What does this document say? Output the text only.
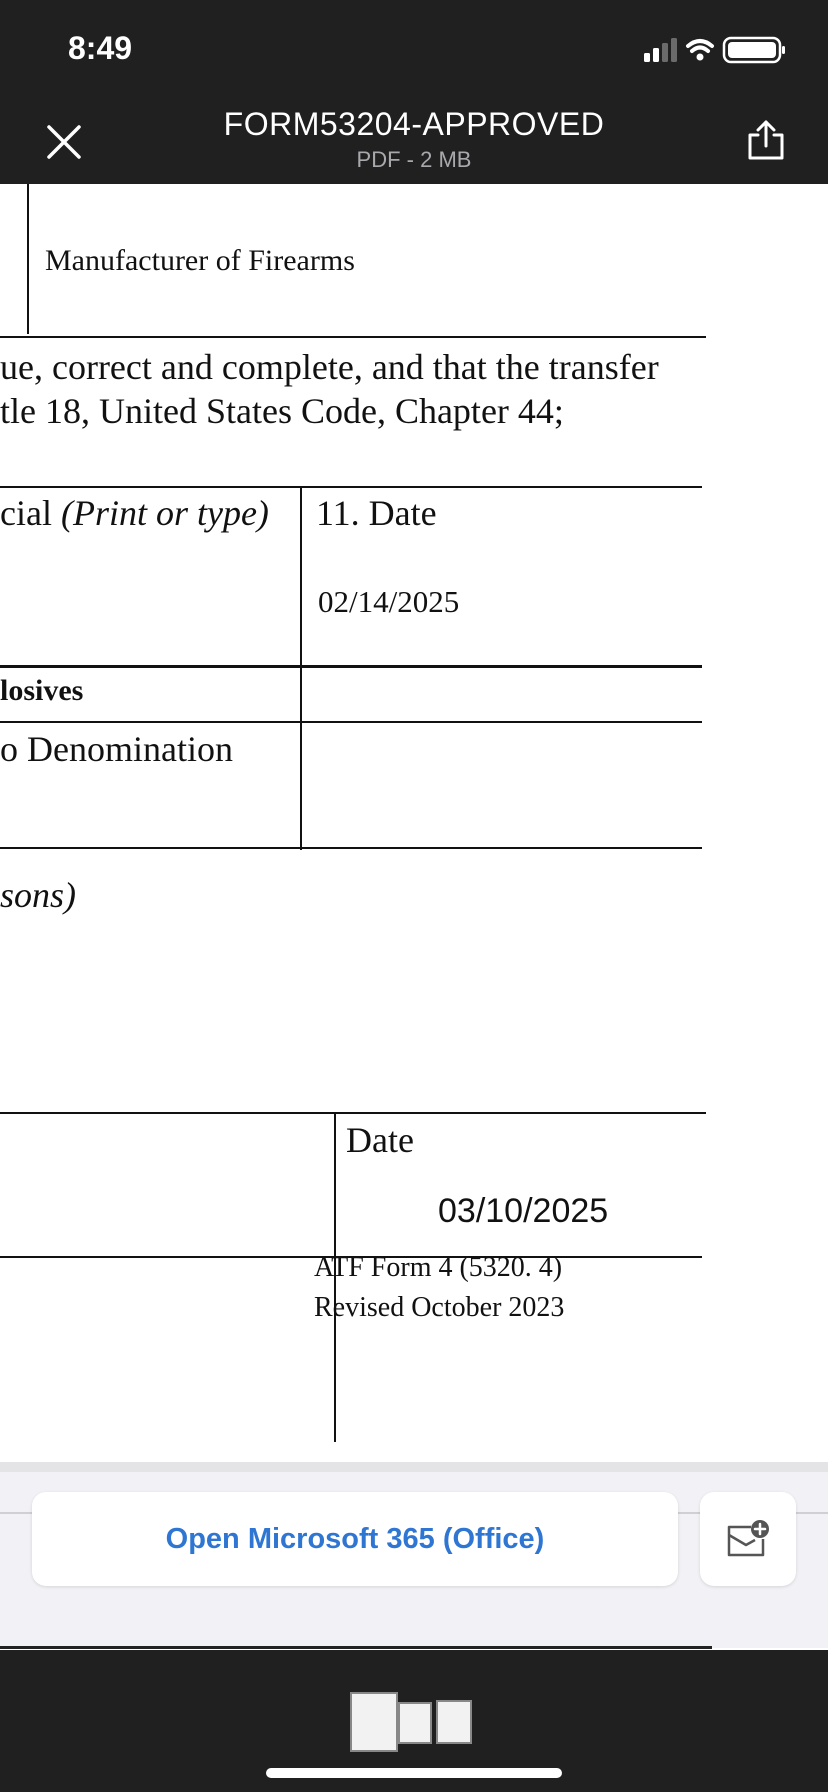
8:49
FORM53204-APPROVED
PDF - 2 MB
Manufacturer of Firearms
ue, correct and complete, and that the transfer
tle 18, United States Code, Chapter 44;
cial (Print or type) 11. Date
02/14/2025
losives
o Denomination
sons)
Date
03/10/2025
ATF Form 4 (5320. 4)
Revised October 2023
Open Microsoft 365 (Office)
